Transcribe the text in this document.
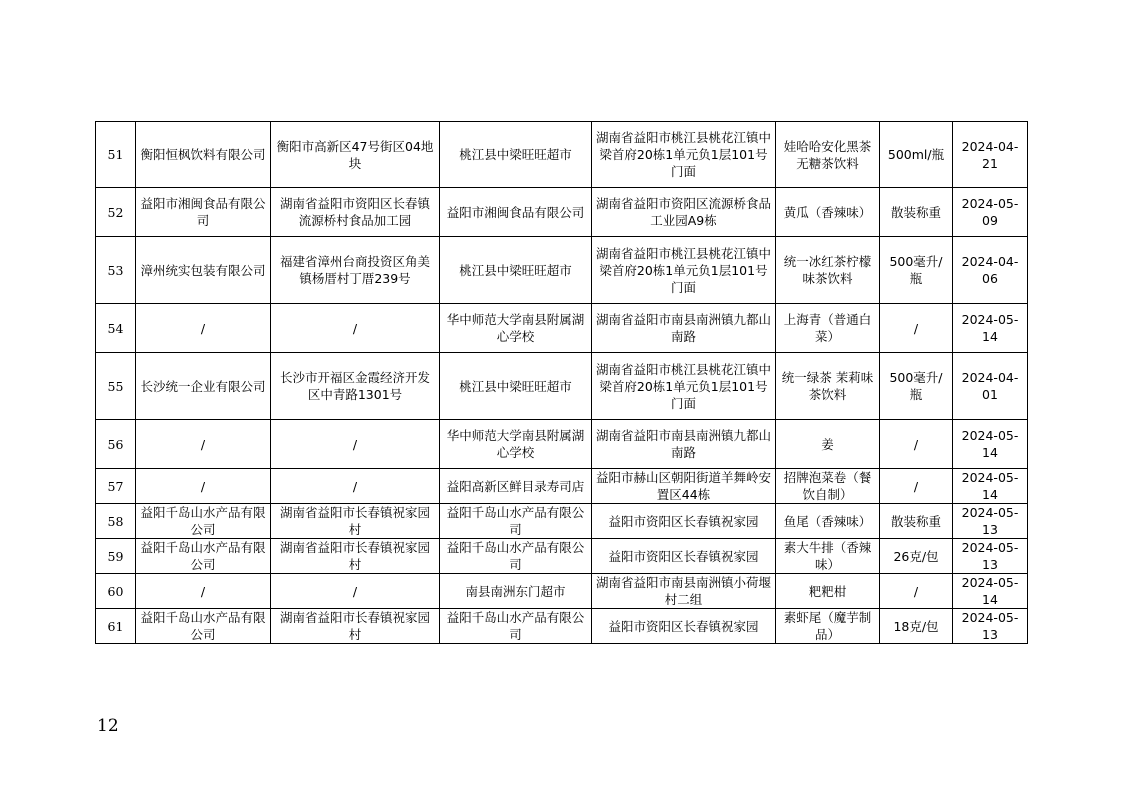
51	衡阳恒枫饮料有限公司	衡阳市高新区47号街区04地块	桃江县中梁旺旺超市	湖南省益阳市桃江县桃花江镇中梁首府20栋1单元负1层101号门面	娃哈哈安化黑茶无糖茶饮料	500ml/瓶	2024-04-21
52	益阳市湘闽食品有限公司	湖南省益阳市资阳区长春镇流源桥村食品加工园	益阳市湘闽食品有限公司	湖南省益阳市资阳区流源桥食品工业园A9栋	黄瓜（香辣味）	散装称重	2024-05-09
53	漳州统实包装有限公司	福建省漳州台商投资区角美镇杨厝村丁厝239号	桃江县中梁旺旺超市	湖南省益阳市桃江县桃花江镇中梁首府20栋1单元负1层101号门面	统一冰红茶柠檬味茶饮料	500毫升/瓶	2024-04-06
54	/	/	华中师范大学南县附属湖心学校	湖南省益阳市南县南洲镇九都山南路	上海青（普通白菜）	/	2024-05-14
55	长沙统一企业有限公司	长沙市开福区金霞经济开发区中青路1301号	桃江县中梁旺旺超市	湖南省益阳市桃江县桃花江镇中梁首府20栋1单元负1层101号门面	统一绿茶 茉莉味茶饮料	500毫升/瓶	2024-04-01
56	/	/	华中师范大学南县附属湖心学校	湖南省益阳市南县南洲镇九都山南路	姜	/	2024-05-14
57	/	/	益阳高新区鲜目录寿司店	益阳市赫山区朝阳街道羊舞岭安置区44栋	招牌泡菜卷（餐饮自制）	/	2024-05-14
58	益阳千岛山水产品有限公司	湖南省益阳市长春镇祝家园村	益阳千岛山水产品有限公司	益阳市资阳区长春镇祝家园	鱼尾（香辣味）	散装称重	2024-05-13
59	益阳千岛山水产品有限公司	湖南省益阳市长春镇祝家园村	益阳千岛山水产品有限公司	益阳市资阳区长春镇祝家园	素大牛排（香辣味）	26克/包	2024-05-13
60	/	/	南县南洲东门超市	湖南省益阳市南县南洲镇小荷堰村二组	粑粑柑	/	2024-05-14
61	益阳千岛山水产品有限公司	湖南省益阳市长春镇祝家园村	益阳千岛山水产品有限公司	益阳市资阳区长春镇祝家园	素虾尾（魔芋制品）	18克/包	2024-05-13
12
